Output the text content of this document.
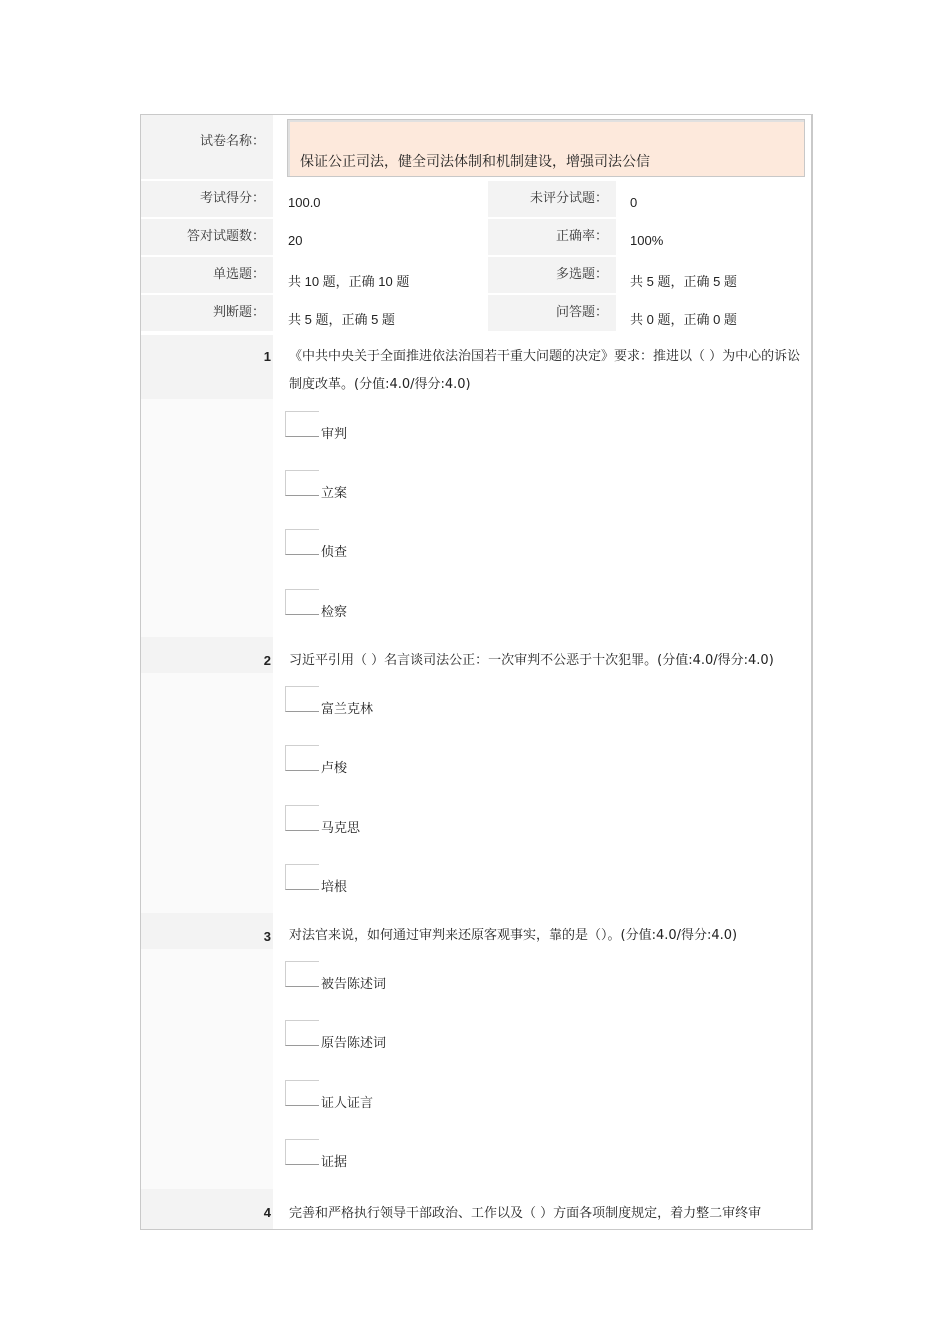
试卷名称：
保证公正司法，健全司法体制和机制建设，增强司法公信
考试得分：	100.0	未评分试题：	0
答对试题数：	20	正确率：	100%
单选题：	共 10 题，正确 10 题	多选题：	共 5 题，正确 5 题
判断题：	共 5 题，正确 5 题	问答题：	共 0 题，正确 0 题
1 《中共中央关于全面推进依法治国若干重大问题的决定》要求：推进以（ ）为中心的诉讼制度改革。(分值:4.0/得分:4.0)
审判
立案
侦查
检察
2 习近平引用（ ）名言谈司法公正：一次审判不公恶于十次犯罪。(分值:4.0/得分:4.0)
富兰克林
卢梭
马克思
培根
3 对法官来说，如何通过审判来还原客观事实，靠的是（）。(分值:4.0/得分:4.0)
被告陈述词
原告陈述词
证人证言
证据
4 完善和严格执行领导干部政治、工作以及（ ）方面各项制度规定，着力整二审终审
